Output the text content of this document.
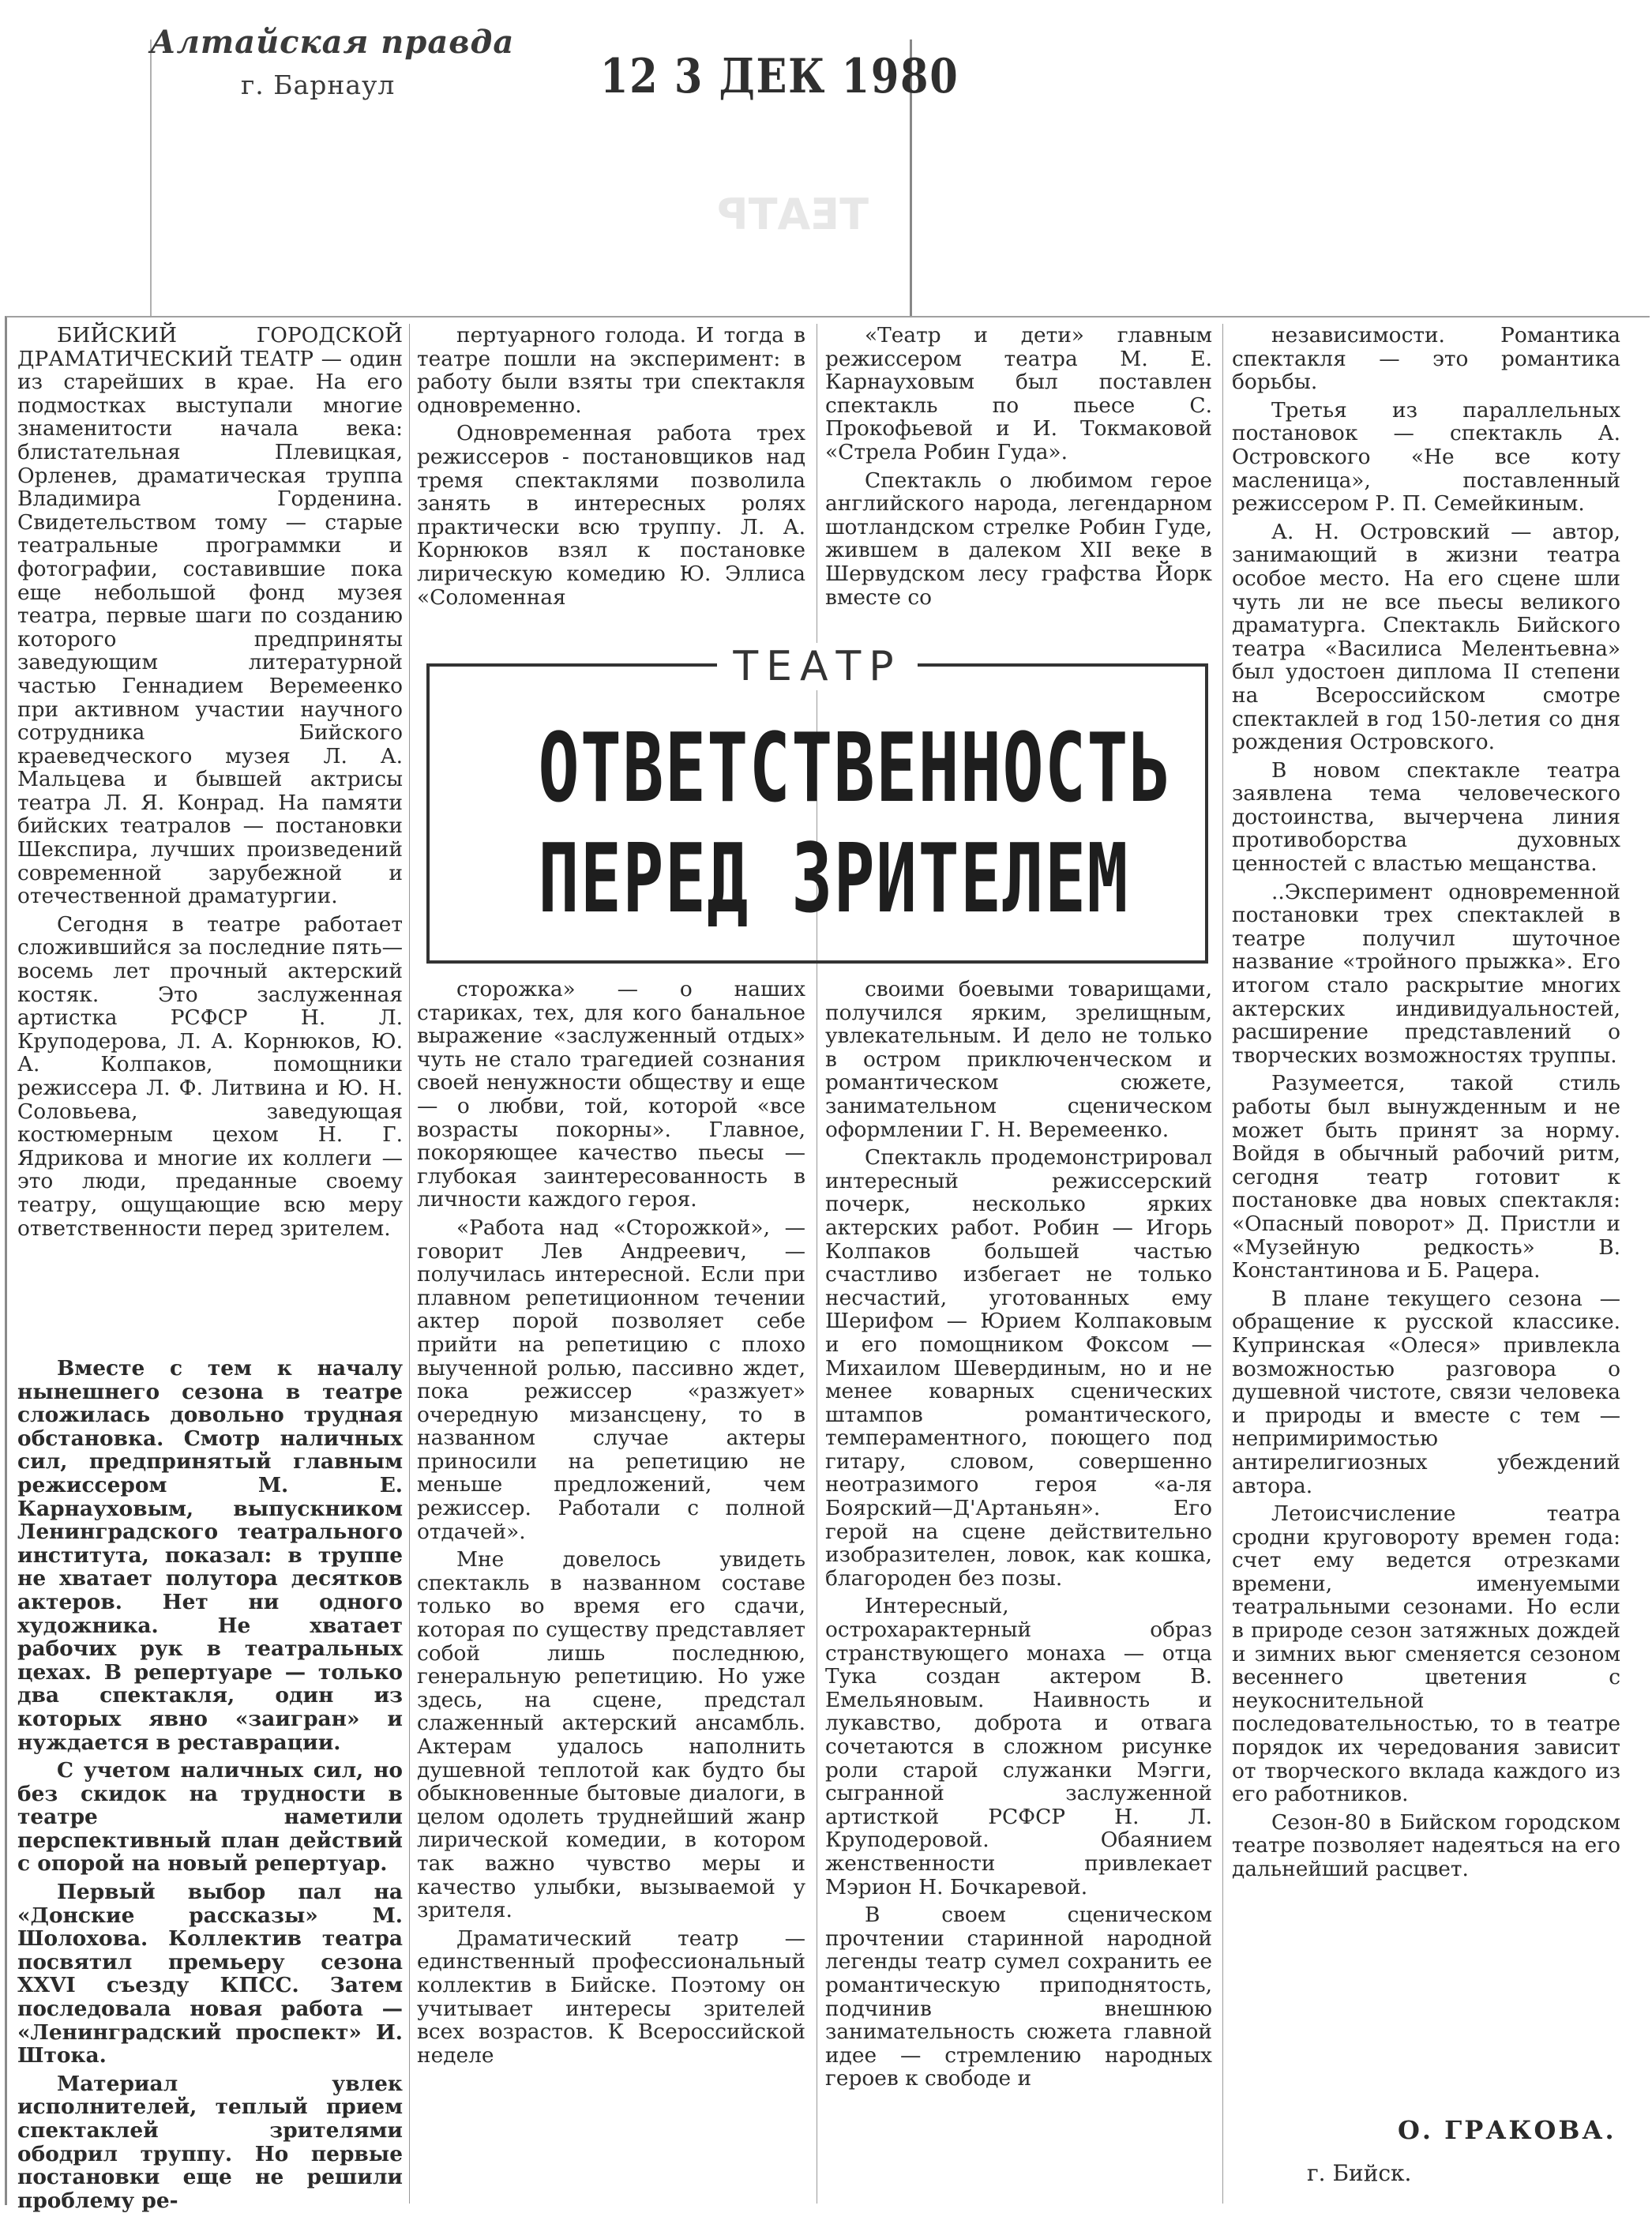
Алтайская правда
г. Барнаул	12 3 ДЕК 1980
ТЕАТР

БИЙСКИЙ ГОРОДСКОЙ ДРАМАТИЧЕСКИЙ ТЕАТР — один из старейших в крае. На его подмостках выступали многие знаменитости начала века: блистательная Плевицкая, Орленев, драматическая труппа Владимира Горденина. Свидетельством тому — старые театральные программки и фотографии, составившие пока еще небольшой фонд музея театра, первые шаги по созданию которого предприняты заведующим литературной частью Геннадием Веремеенко при активном участии научного сотрудника Бийского краеведческого музея Л. А. Мальцева и бывшей актрисы театра Л. Я. Конрад. На памяти бийских театралов — постановки Шекспира, лучших произведений современной зарубежной и отечественной драматургии.

Сегодня в театре работает сложившийся за последние пять—восемь лет прочный актерский костяк. Это заслуженная артистка РСФСР Н. Л. Круподерова, Л. А. Корнюков, Ю. А. Колпаков, помощники режиссера Л. Ф. Литвина и Ю. Н. Соловьева, заведующая костюмерным цехом Н. Г. Ядрикова и многие их коллеги — это люди, преданные своему театру, ощущающие всю меру ответственности перед зрителем.

Вместе с тем к началу нынешнего сезона в театре сложилась довольно трудная обстановка. Смотр наличных сил, предпринятый главным режиссером М. Е. Карнауховым, выпускником Ленинградского театрального института, показал: в труппе не хватает полутора десятков актеров. Нет ни одного художника. Не хватает рабочих рук в театральных цехах. В репертуаре — только два спектакля, один из которых явно «заигран» и нуждается в реставрации.

С учетом наличных сил, но без скидок на трудности в театре наметили перспективный план действий с опорой на новый репертуар.

Первый выбор пал на «Донские рассказы» М. Шолохова. Коллектив театра посвятил премьеру сезона XXVI съезду КПСС. Затем последовала новая работа — «Ленинградский проспект» И. Штока.

Материал увлек исполнителей, теплый прием спектаклей зрителями ободрил труппу. Но первые постановки еще не решили проблему ре-

пертуарного голода. И тогда в театре пошли на эксперимент: в работу были взяты три спектакля одновременно.

Одновременная работа трех режиссеров - постановщиков над тремя спектаклями позволила занять в интересных ролях практически всю труппу. Л. А. Корнюков взял к постановке лирическую комедию Ю. Эллиса «Соломенная

сторожка» — о наших стариках, тех, для кого банальное выражение «заслуженный отдых» чуть не стало трагедией сознания своей ненужности обществу и еще — о любви, той, которой «все возрасты покорны». Главное, покоряющее качество пьесы — глубокая заинтересованность в личности каждого героя.

«Работа над «Сторожкой», — говорит Лев Андреевич, — получилась интересной. Если при плавном репетиционном течении актер порой позволяет себе прийти на репетицию с плохо выученной ролью, пассивно ждет, пока режиссер «разжует» очередную мизансцену, то в названном случае актеры приносили на репетицию не меньше предложений, чем режиссер. Работали с полной отдачей».

Мне довелось увидеть спектакль в названном составе только во время его сдачи, которая по существу представляет собой лишь последнюю, генеральную репетицию. Но уже здесь, на сцене, предстал слаженный актерский ансамбль. Актерам удалось наполнить душевной теплотой как будто бы обыкновенные бытовые диалоги, в целом одолеть труднейший жанр лирической комедии, в котором так важно чувство меры и качество улыбки, вызываемой у зрителя.

Драматический театр — единственный профессиональный коллектив в Бийске. Поэтому он учитывает интересы зрителей всех возрастов. К Всероссийской неделе

«Театр и дети» главным режиссером театра М. Е. Карнауховым был поставлен спектакль по пьесе С. Прокофьевой и И. Токмаковой «Стрела Робин Гуда».

Спектакль о любимом герое английского народа, легендарном шотландском стрелке Робин Гуде, жившем в далеком XII веке в Шервудском лесу графства Йорк вместе со

своими боевыми товарищами, получился ярким, зрелищным, увлекательным. И дело не только в остром приключенческом и романтическом сюжете, занимательном сценическом оформлении Г. Н. Веремеенко.

Спектакль продемонстрировал интересный режиссерский почерк, несколько ярких актерских работ. Робин — Игорь Колпаков большей частью счастливо избегает не только несчастий, уготованных ему Шерифом — Юрием Колпаковым и его помощником Фоксом — Михаилом Шевердиным, но и не менее коварных сценических штампов романтического, темпераментного, поющего под гитару, словом, совершенно неотразимого героя «а-ля Боярский—Д'Артаньян». Его герой на сцене действительно изобразителен, ловок, как кошка, благороден без позы.

Интересный, острохарактерный образ странствующего монаха — отца Тука создан актером В. Емельяновым. Наивность и лукавство, доброта и отвага сочетаются в сложном рисунке роли старой служанки Мэгги, сыгранной заслуженной артисткой РСФСР Н. Л. Круподеровой. Обаянием женственности привлекает Мэрион Н. Бочкаревой.

В своем сценическом прочтении старинной народной легенды театр сумел сохранить ее романтическую приподнятость, подчинив внешнюю занимательность сюжета главной идее — стремлению народных героев к свободе и

независимости. Романтика спектакля — это романтика борьбы.

Третья из параллельных постановок — спектакль А. Островского «Не все коту масленица», поставленный режиссером Р. П. Семейкиным.

А. Н. Островский — автор, занимающий в жизни театра особое место. На его сцене шли чуть ли не все пьесы великого драматурга. Спектакль Бийского театра «Василиса Мелентьевна» был удостоен диплома II степени на Всероссийском смотре спектаклей в год 150-летия со дня рождения Островского.

В новом спектакле театра заявлена тема человеческого достоинства, вычерчена линия противоборства духовных ценностей с властью мещанства.

..Эксперимент одновременной постановки трех спектаклей в театре получил шуточное название «тройного прыжка». Его итогом стало раскрытие многих актерских индивидуальностей, расширение представлений о творческих возможностях труппы.

Разумеется, такой стиль работы был вынужденным и не может быть принят за норму. Войдя в обычный рабочий ритм, сегодня театр готовит к постановке два новых спектакля: «Опасный поворот» Д. Пристли и «Музейную редкость» В. Константинова и Б. Рацера.

В плане текущего сезона — обращение к русской классике. Купринская «Олеся» привлекла возможностью разговора о душевной чистоте, связи человека и природы и вместе с тем — непримиримостью антирелигиозных убеждений автора.

Летоисчисление театра сродни круговороту времен года: счет ему ведется отрезками времени, именуемыми театральными сезонами. Но если в природе сезон затяжных дождей и зимних вьюг сменяется сезоном весеннего цветения с неукоснительной последовательностью, то в театре порядок их чередования зависит от творческого вклада каждого из его работников.

Сезон-80 в Бийском городском театре позволяет надеяться на его дальнейший расцвет.

ТЕАТР
ОТВЕТСТВЕННОСТЬ
ПЕРЕД ЗРИТЕЛЕМ
О. ГРАКОВА.
г. Бийск.
